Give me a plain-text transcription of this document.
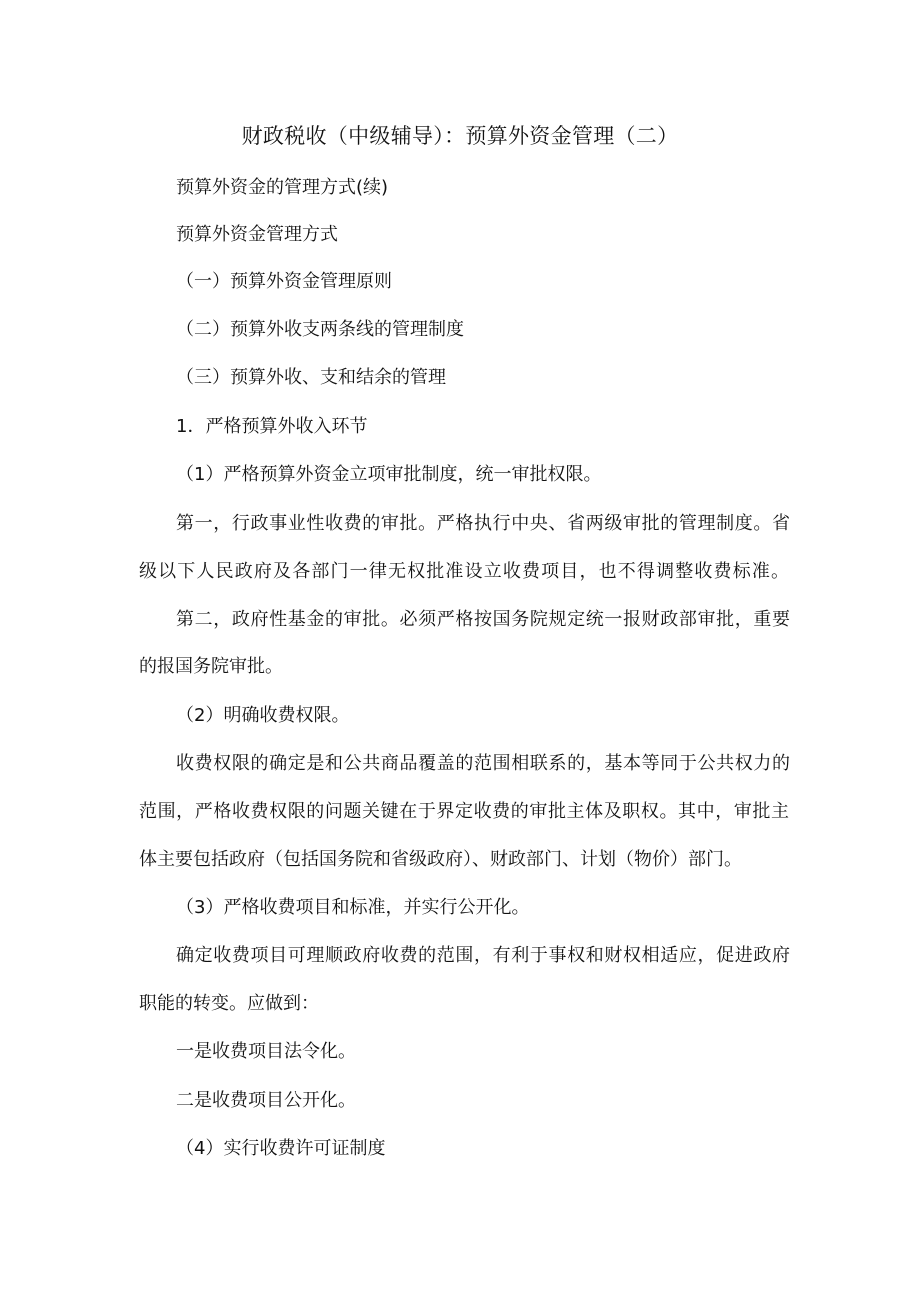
财政税收（中级辅导）：预算外资金管理（二）
预算外资金的管理方式(续)
预算外资金管理方式
（一）预算外资金管理原则
（二）预算外收支两条线的管理制度
（三）预算外收、支和结余的管理
1．严格预算外收入环节
（1）严格预算外资金立项审批制度，统一审批权限。
第一，行政事业性收费的审批。严格执行中央、省两级审批的管理制度。省
级以下人民政府及各部门一律无权批准设立收费项目，也不得调整收费标准。
第二，政府性基金的审批。必须严格按国务院规定统一报财政部审批，重要
的报国务院审批。
（2）明确收费权限。
收费权限的确定是和公共商品覆盖的范围相联系的，基本等同于公共权力的
范围，严格收费权限的问题关键在于界定收费的审批主体及职权。其中，审批主
体主要包括政府（包括国务院和省级政府）、财政部门、计划（物价）部门。
（3）严格收费项目和标准，并实行公开化。
确定收费项目可理顺政府收费的范围，有利于事权和财权相适应，促进政府
职能的转变。应做到：
一是收费项目法令化。
二是收费项目公开化。
（4）实行收费许可证制度
